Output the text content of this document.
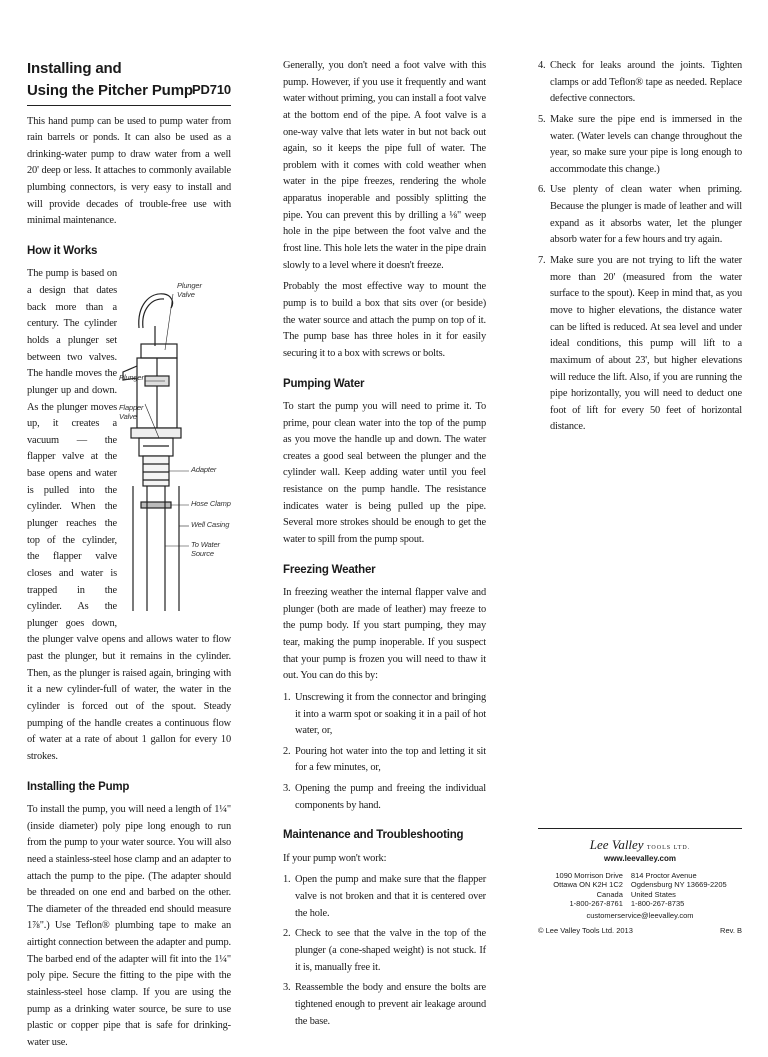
Installing and
Using the Pitcher Pump PD710

This hand pump can be used to pump water from rain barrels or ponds. It can also be used as a drinking-water pump to draw water from a well 20' deep or less. It attaches to commonly available plumbing connectors, is very easy to install and will provide decades of trouble-free use with minimal maintenance.

How it Works
Plunger Valve
Plunger
Flapper Valve
Adapter
Hose Clamp
Well Casing
To Water Source

The pump is based on a design that dates back more than a century. The cylinder holds a plunger set between two valves. The handle moves the plunger up and down. As the plunger moves up, it creates a vacuum — the flapper valve at the base opens and water is pulled into the cylinder. When the plunger reaches the top of the cylinder, the flapper valve closes and water is trapped in the cylinder. As the plunger goes down, the plunger valve opens and allows water to flow past the plunger, but it remains in the cylinder. Then, as the plunger is raised again, bringing with it a new cylinder-full of water, the water in the cylinder is forced out of the spout. Steady pumping of the handle creates a continuous flow of water at a rate of about 1 gallon for every 10 strokes.

Installing the Pump

To install the pump, you will need a length of 1¼" (inside diameter) poly pipe long enough to run from the pump to your water source. You will also need a stainless-steel hose clamp and an adapter to attach the pump to the pipe. (The adapter should be threaded on one end and barbed on the other. The diameter of the threaded end should measure 1⅞".) Use Teflon® plumbing tape to make an airtight connection between the adapter and pump. The barbed end of the adapter will fit into the 1¼" poly pipe. Secure the fitting to the pipe with the stainless-steel hose clamp. If you are using the pump as a drinking water source, be sure to use plastic or copper pipe that is safe for drinking-water use.

Generally, you don't need a foot valve with this pump. However, if you use it frequently and want water without priming, you can install a foot valve at the bottom end of the pipe. A foot valve is a one-way valve that lets water in but not back out again, so it keeps the pipe full of water. The problem with it comes with cold weather when water in the pipe freezes, rendering the whole apparatus inoperable and possibly splitting the pipe. You can prevent this by drilling a ⅛" weep hole in the pipe between the foot valve and the frost line. This hole lets the water in the pipe drain slowly to a level where it doesn't freeze.

Probably the most effective way to mount the pump is to build a box that sits over (or beside) the water source and attach the pump on top of it. The pump base has three holes in it for easily securing it to a box with screws or bolts.

Pumping Water

To start the pump you will need to prime it. To prime, pour clean water into the top of the pump as you move the handle up and down. The water creates a good seal between the plunger and the cylinder wall. Keep adding water until you feel resistance on the pump handle. The resistance indicates water is being pulled up the pipe. Several more strokes should be enough to get the water to spill from the pump spout.

Freezing Weather

In freezing weather the internal flapper valve and plunger (both are made of leather) may freeze to the pump body. If you start pumping, they may tear, making the pump inoperable. If you suspect that your pump is frozen you will need to thaw it out. You can do this by:

1. Unscrewing it from the connector and bringing it into a warm spot or soaking it in a pail of hot water, or,
2. Pouring hot water into the top and letting it sit for a few minutes, or,
3. Opening the pump and freeing the individual components by hand.
Maintenance and Troubleshooting

If your pump won't work:

1. Open the pump and make sure that the flapper valve is not broken and that it is centered over the hole.
2. Check to see that the valve in the top of the plunger (a cone-shaped weight) is not stuck. If it is, manually free it.
3. Reassemble the body and ensure the bolts are tightened enough to prevent air leakage around the base.
4. Check for leaks around the joints. Tighten clamps or add Teflon® tape as needed. Replace defective connectors.
5. Make sure the pipe end is immersed in the water. (Water levels can change throughout the year, so make sure your pipe is long enough to accommodate this change.)
6. Use plenty of clean water when priming. Because the plunger is made of leather and will expand as it absorbs water, let the plunger absorb water for a few hours and try again.
7. Make sure you are not trying to lift the water more than 20' (measured from the water surface to the spout). Keep in mind that, as you move to higher elevations, the distance water can be lifted is reduced. At sea level and under ideal conditions, this pump will lift to a maximum of about 23', but higher elevations will reduce the lift. Also, if you are running the pipe horizontally, you will need to deduct one foot of lift for every 50 feet of horizontal distance.
Lee Valley TOOLS LTD.
www.leevalley.com
1090 Morrison Drive
Ottawa ON K2H 1C2
Canada
1-800-267-8761
814 Proctor Avenue
Ogdensburg NY 13669-2205
United States
1-800-267-8735
customerservice@leevalley.com
© Lee Valley Tools Ltd. 2013	Rev. B
